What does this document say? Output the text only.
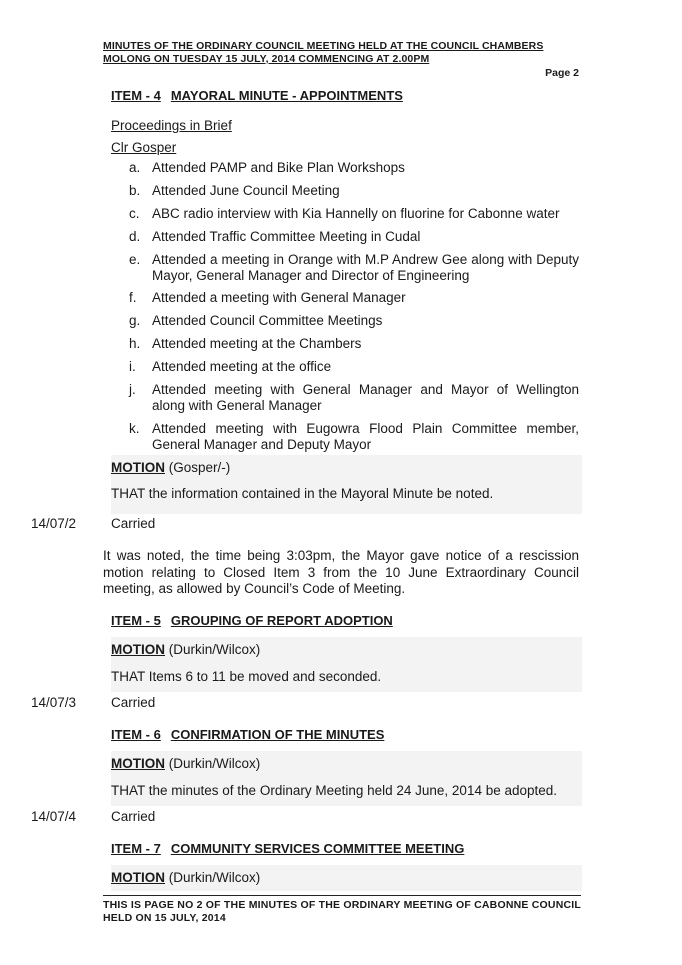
MINUTES OF THE ORDINARY COUNCIL MEETING HELD AT THE COUNCIL CHAMBERS
MOLONG ON TUESDAY 15 JULY, 2014 COMMENCING AT 2.00PM
Page 2
ITEM - 4 MAYORAL MINUTE - APPOINTMENTS
Proceedings in Brief
Clr Gosper
a. Attended PAMP and Bike Plan Workshops
b. Attended June Council Meeting
c. ABC radio interview with Kia Hannelly on fluorine for Cabonne water
d. Attended Traffic Committee Meeting in Cudal
e. Attended a meeting in Orange with M.P Andrew Gee along with Deputy Mayor, General Manager and Director of Engineering
f.	Attended a meeting with General Manager
g. Attended Council Committee Meetings
h. Attended meeting at the Chambers
i.	Attended meeting at the office
j.	Attended meeting with General Manager and Mayor of Wellington along with General Manager
k. Attended meeting with Eugowra Flood Plain Committee member, General Manager and Deputy Mayor
MOTION (Gosper/-)
THAT the information contained in the Mayoral Minute be noted.
14/07/2	Carried
It was noted, the time being 3:03pm, the Mayor gave notice of a rescission motion relating to Closed Item 3 from the 10 June Extraordinary Council meeting, as allowed by Council’s Code of Meeting.
ITEM - 5 GROUPING OF REPORT ADOPTION
MOTION (Durkin/Wilcox)
THAT Items 6 to 11 be moved and seconded.
14/07/3	Carried
ITEM - 6 CONFIRMATION OF THE MINUTES
MOTION (Durkin/Wilcox)
THAT the minutes of the Ordinary Meeting held 24 June, 2014 be adopted.
14/07/4	Carried
ITEM - 7 COMMUNITY SERVICES COMMITTEE MEETING
MOTION (Durkin/Wilcox)
THIS IS PAGE NO 2 OF THE MINUTES OF THE ORDINARY MEETING OF CABONNE COUNCIL HELD ON 15 JULY, 2014
